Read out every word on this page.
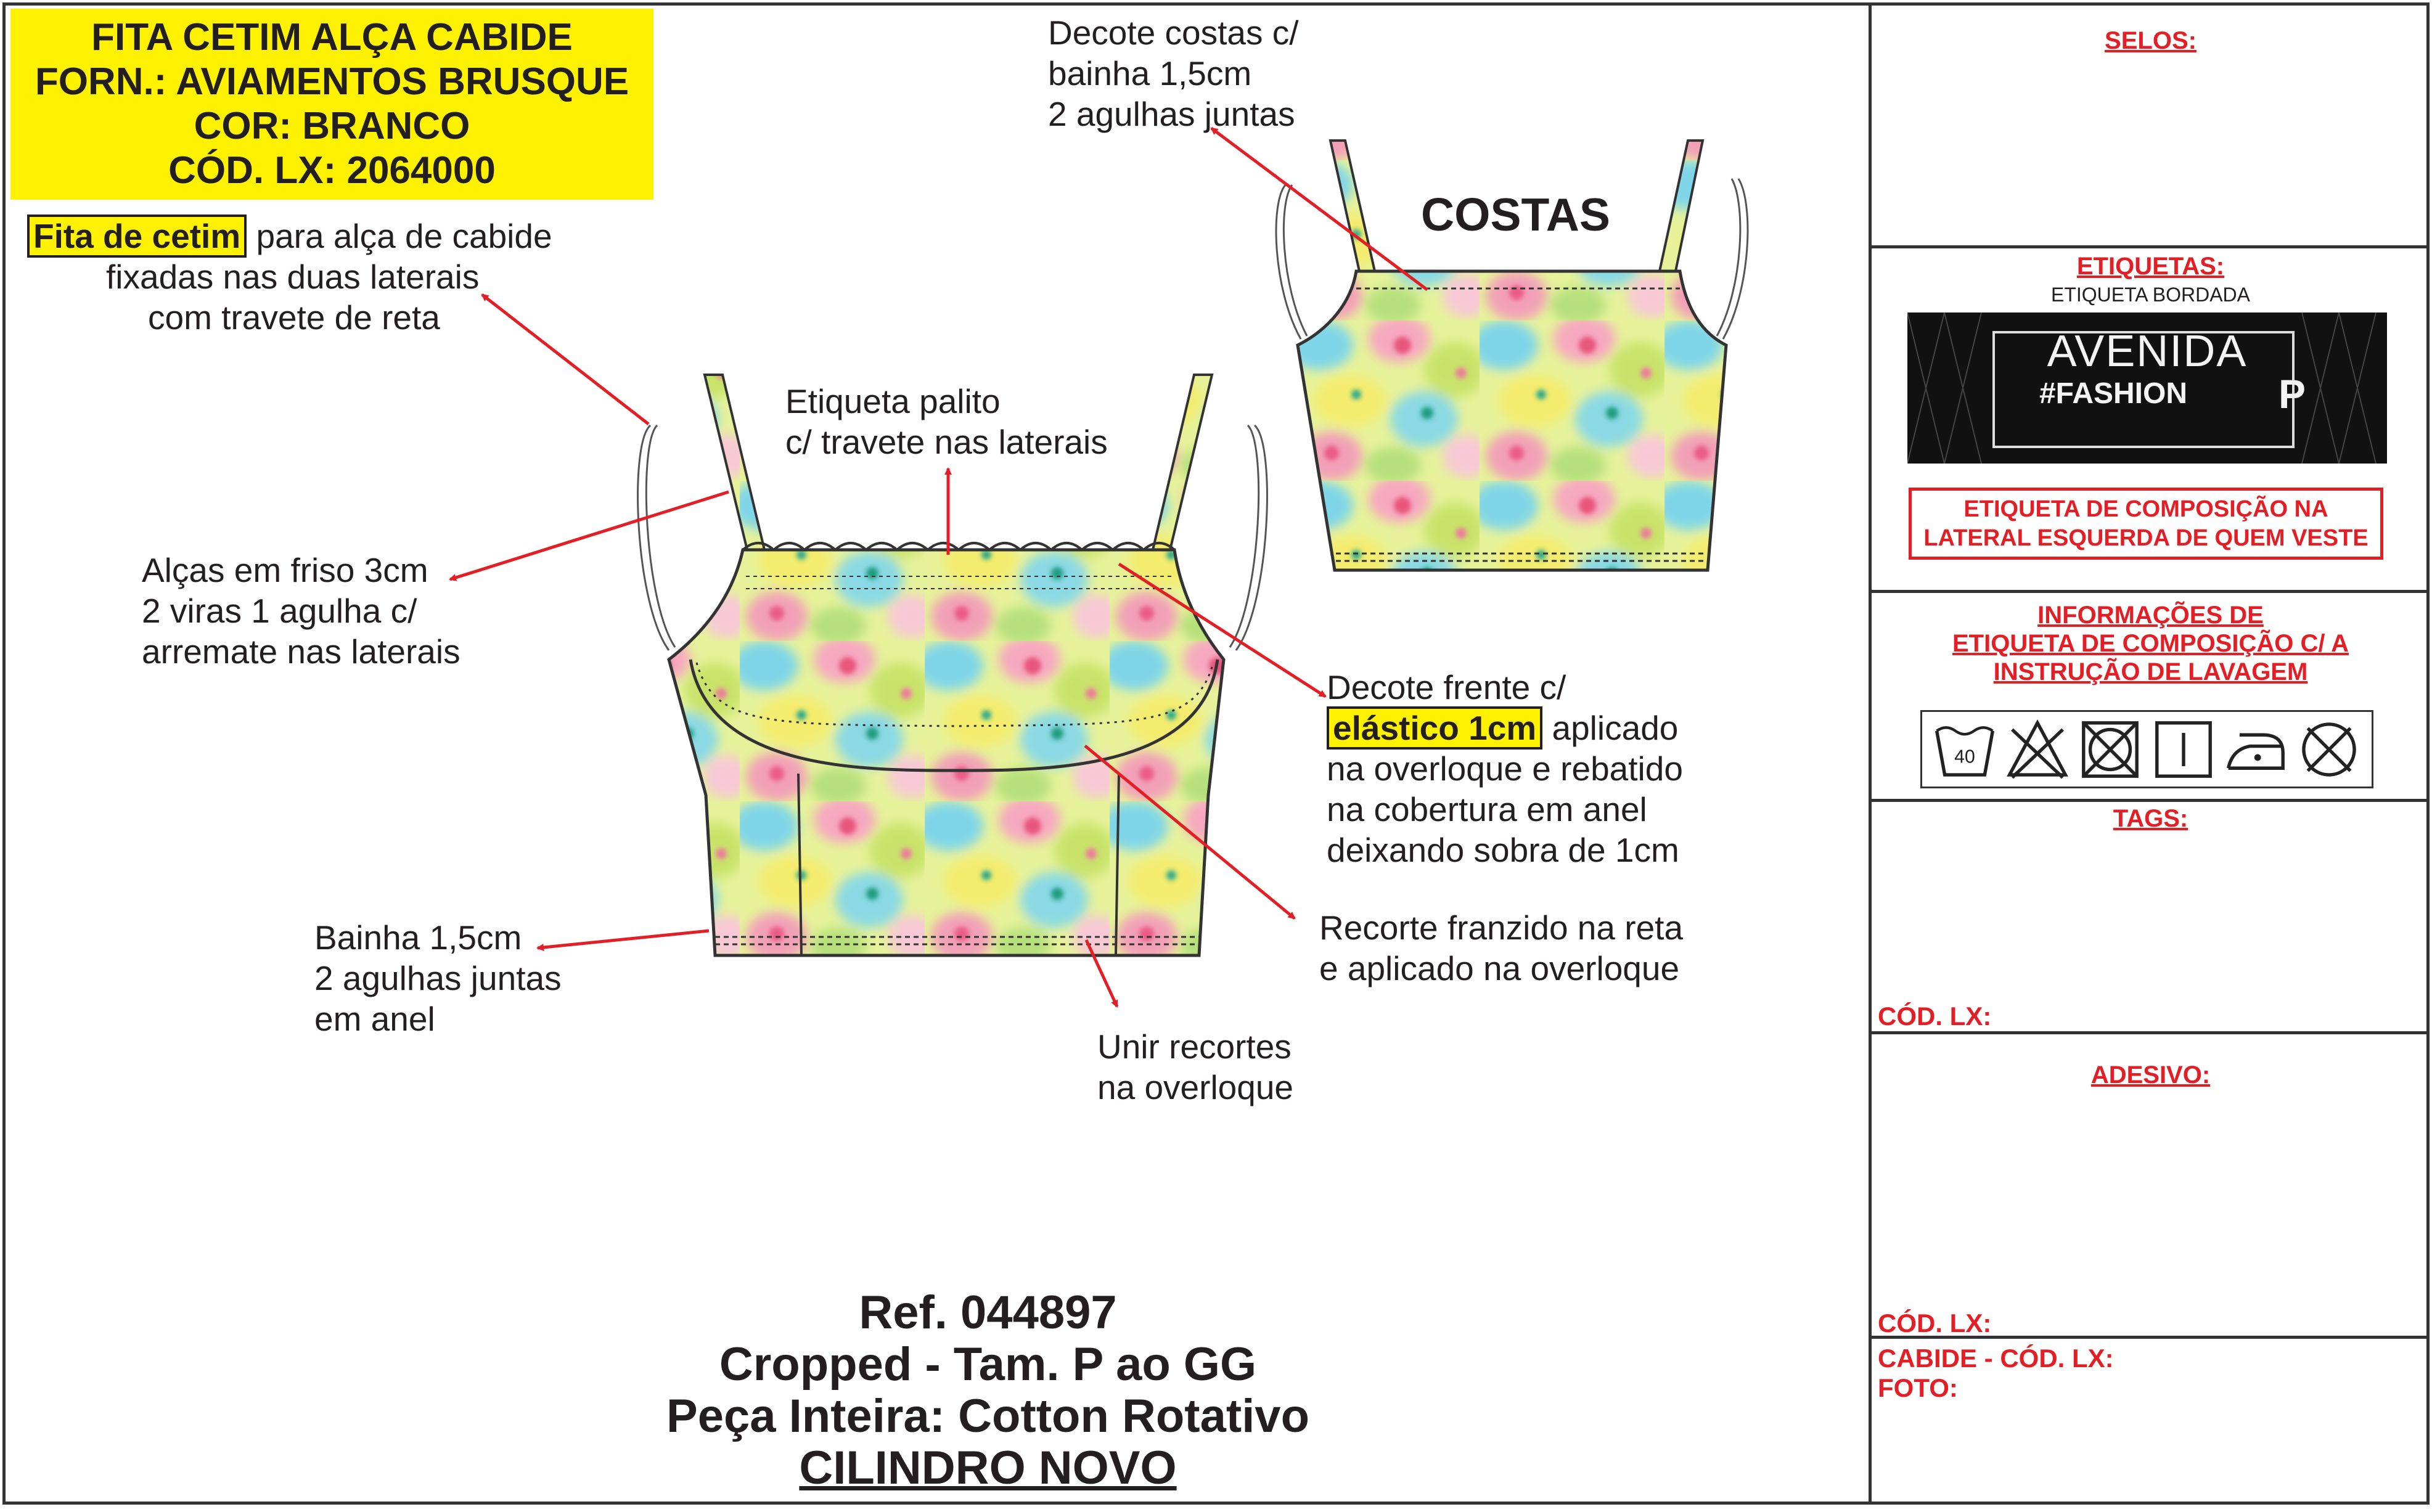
FITA CETIM ALÇA CABIDE
FORN.: AVIAMENTOS BRUSQUE
COR: BRANCO
CÓD. LX: 2064000
Fita de cetim para alça de cabide
fixadas nas duas laterais
com travete de reta
Alças em friso 3cm
2 viras 1 agulha c/
arremate nas laterais
Etiqueta palito
c/ travete nas laterais
Decote costas c/
bainha 1,5cm
2 agulhas juntas
COSTAS
Decote frente c/
elástico 1cm aplicado
na overloque e rebatido
na cobertura em anel
deixando sobra de 1cm
Recorte franzido na reta
e aplicado na overloque
Bainha 1,5cm
2 agulhas juntas
em anel
Unir recortes
na overloque
Ref. 044897
Cropped - Tam. P ao GG
Peça Inteira: Cotton Rotativo
CILINDRO NOVO
SELOS:
ETIQUETAS:
ETIQUETA BORDADA
AVENIDA
#FASHION	P
ETIQUETA DE COMPOSIÇÃO NA
LATERAL ESQUERDA DE QUEM VESTE
INFORMAÇÕES DE
ETIQUETA DE COMPOSIÇÃO C/ A
INSTRUÇÃO DE LAVAGEM
40
TAGS:
CÓD. LX:
ADESIVO:
CÓD. LX:
CABIDE - CÓD. LX:
FOTO:
